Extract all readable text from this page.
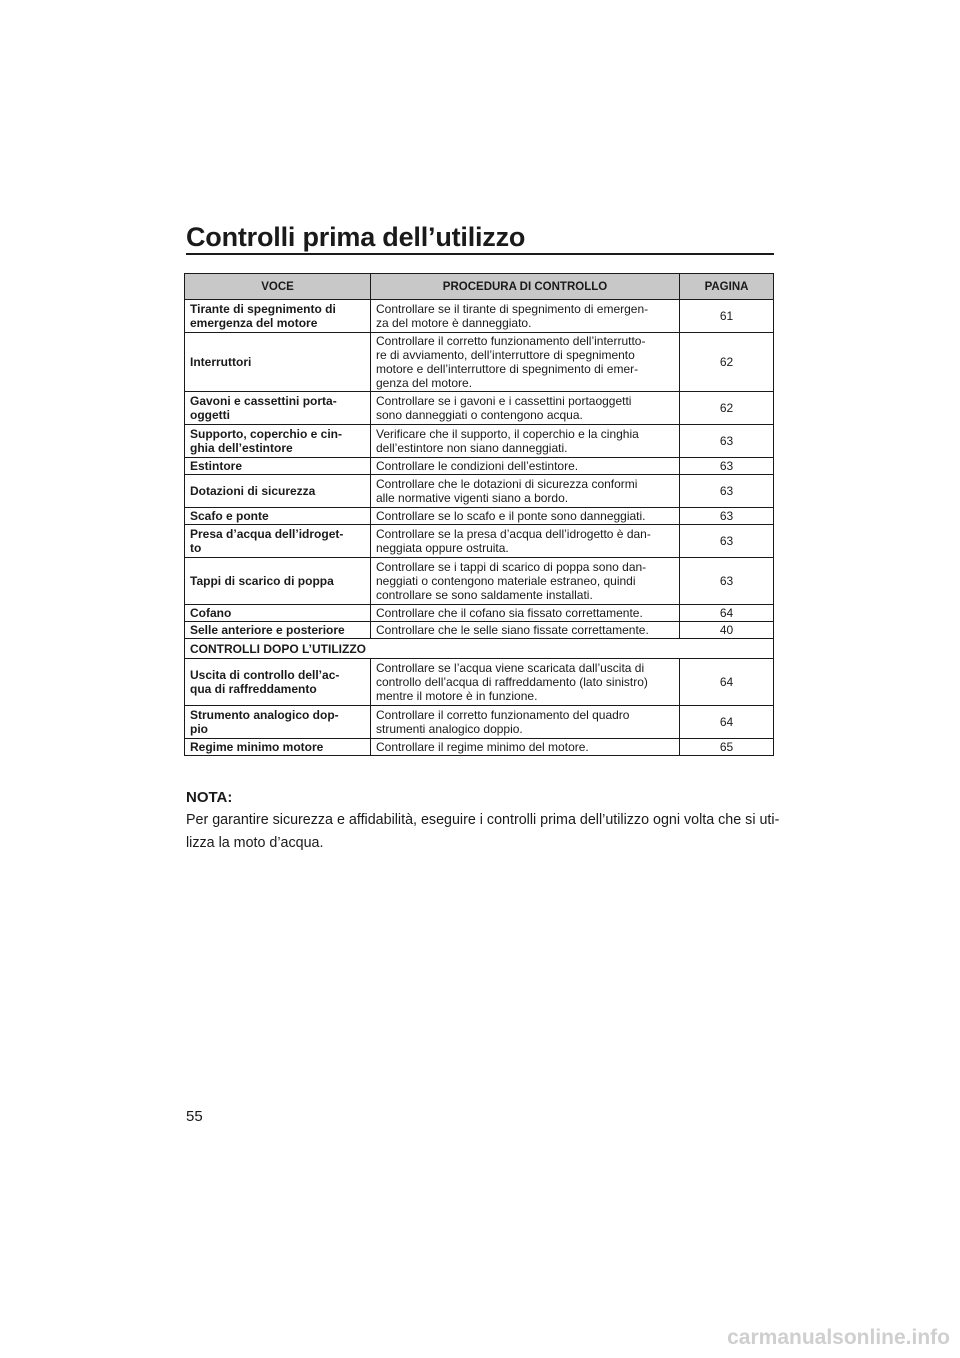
Controlli prima dell’utilizzo
55
VOCE	PROCEDURA DI CONTROLLO	PAGINA

Tirante di spegnimento di
emergenza del motore	Controllare se il tirante di spegnimento di emergen-
za del motore è danneggiato.	61

Interruttori	Controllare il corretto funzionamento dell’interrutto-
re di avviamento, dell’interruttore di spegnimento
motore e dell’interruttore di spegnimento di emer-
genza del motore.	62

Gavoni e cassettini porta-
oggetti	Controllare se i gavoni e i cassettini portaoggetti
sono danneggiati o contengono acqua.	62

Supporto, coperchio e cin-
ghia dell’estintore	Verificare che il supporto, il coperchio e la cinghia
dell’estintore non siano danneggiati.	63

Estintore	Controllare le condizioni dell’estintore.	63

Dotazioni di sicurezza	Controllare che le dotazioni di sicurezza conformi
alle normative vigenti siano a bordo.	63

Scafo e ponte	Controllare se lo scafo e il ponte sono danneggiati.	63

Presa d’acqua dell’idroget-
to	Controllare se la presa d’acqua dell’idrogetto è dan-
neggiata oppure ostruita.	63

Tappi di scarico di poppa	Controllare se i tappi di scarico di poppa sono dan-
neggiati o contengono materiale estraneo, quindi
controllare se sono saldamente installati.	63

Cofano	Controllare che il cofano sia fissato correttamente.	64

Selle anteriore e posteriore	Controllare che le selle siano fissate correttamente.	40
CONTROLLI DOPO L’UTILIZZO		

Uscita di controllo dell’ac-
qua di raffreddamento	Controllare se l’acqua viene scaricata dall’uscita di
controllo dell’acqua di raffreddamento (lato sinistro)
mentre il motore è in funzione.	64

Strumento analogico dop-
pio	Controllare il corretto funzionamento del quadro
strumenti analogico doppio.	64

Regime minimo motore	Controllare il regime minimo del motore.	65
NOTA:
Per garantire sicurezza e affidabilità, eseguire i controlli prima dell’utilizzo ogni volta che si uti-
lizza la moto d’acqua.
carmanualsonline.info
